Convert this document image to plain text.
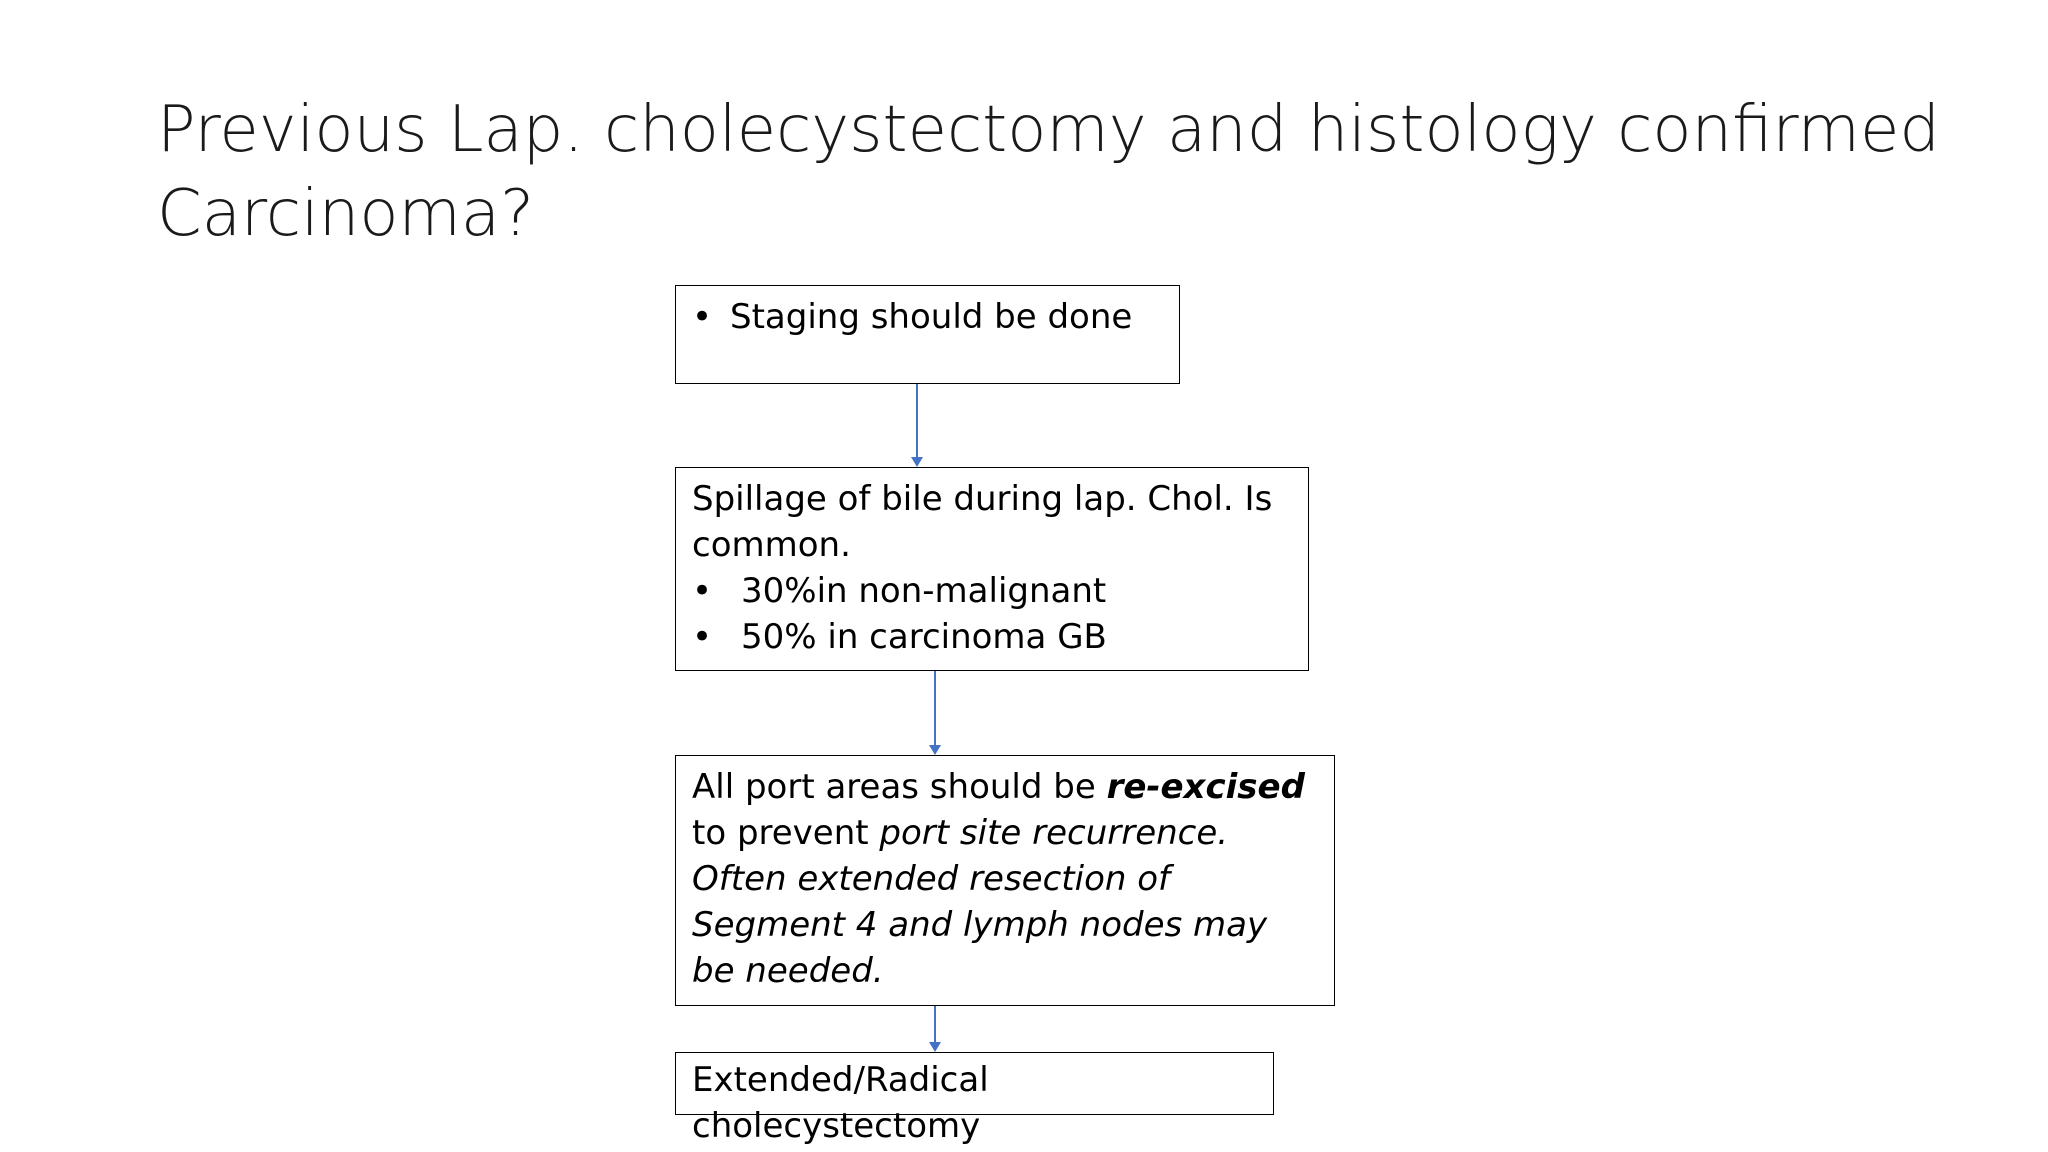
Previous Lap. cholecystectomy and histology confirmed Carcinoma?
• Staging should be done

Spillage of bile during lap. Chol. Is common.

• 30%in non-malignant
• 50% in carcinoma GB

All port areas should be re-excised to prevent port site recurrence.

Often extended resection of Segment 4 and lymph nodes may be needed.

Extended/Radical cholecystectomy
